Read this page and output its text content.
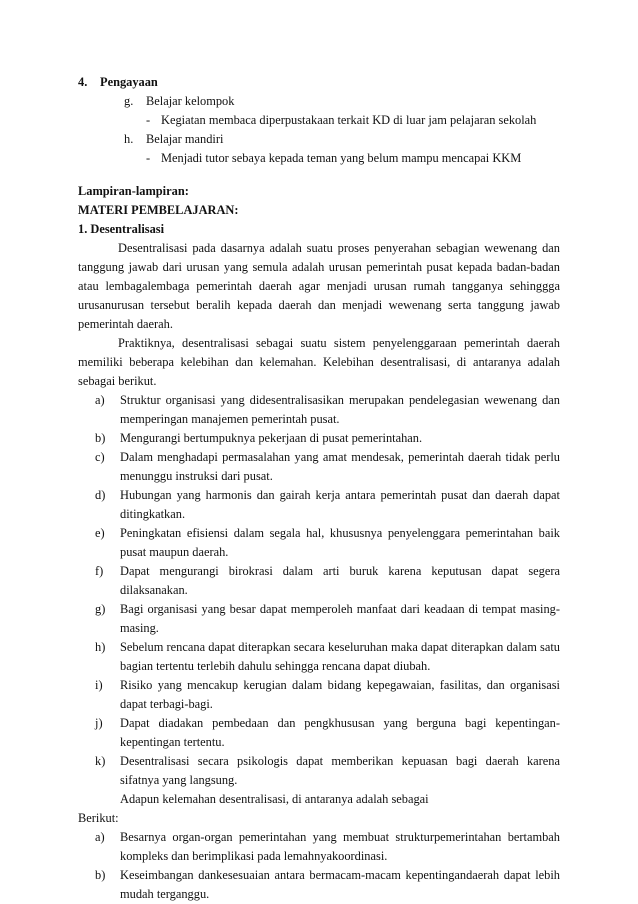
4. Pengayaan
g.	Belajar kelompok
- Kegiatan membaca diperpustakaan terkait KD di luar jam pelajaran sekolah
h.	Belajar mandiri
- Menjadi tutor sebaya kepada teman yang belum mampu mencapai KKM
Lampiran-lampiran:
MATERI PEMBELAJARAN:
1. Desentralisasi
Desentralisasi pada dasarnya adalah suatu proses penyerahan sebagian wewenang dan tanggung jawab dari urusan yang semula adalah urusan pemerintah pusat kepada badan-badan atau lembagalembaga pemerintah daerah agar menjadi urusan rumah tangganya sehinggga urusanurusan tersebut beralih kepada daerah dan menjadi wewenang serta tanggung jawab pemerintah daerah.
Praktiknya, desentralisasi sebagai suatu sistem penyelenggaraan pemerintah daerah memiliki beberapa kelebihan dan kelemahan. Kelebihan desentralisasi, di antaranya adalah sebagai berikut.
a)	Struktur organisasi yang didesentralisasikan merupakan pendelegasian wewenang dan memperingan manajemen pemerintah pusat.
b)	Mengurangi bertumpuknya pekerjaan di pusat pemerintahan.
c)	Dalam menghadapi permasalahan yang amat mendesak, pemerintah daerah tidak perlu menunggu instruksi dari pusat.
d)	Hubungan yang harmonis dan gairah kerja antara pemerintah pusat dan daerah dapat ditingkatkan.
e)	Peningkatan efisiensi dalam segala hal, khususnya penyelenggara pemerintahan baik pusat maupun daerah.
f)	Dapat mengurangi birokrasi dalam arti buruk karena keputusan dapat segera dilaksanakan.
g)	Bagi organisasi yang besar dapat memperoleh manfaat dari keadaan di tempat masing-masing.
h)	Sebelum rencana dapat diterapkan secara keseluruhan maka dapat diterapkan dalam satu bagian tertentu terlebih dahulu sehingga rencana dapat diubah.
i)	Risiko yang mencakup kerugian dalam bidang kepegawaian, fasilitas, dan organisasi dapat terbagi-bagi.
j)	Dapat diadakan pembedaan dan pengkhususan yang berguna bagi kepentingan-kepentingan tertentu.
k)	Desentralisasi secara psikologis dapat memberikan kepuasan bagi daerah karena sifatnya yang langsung.
Adapun kelemahan desentralisasi, di antaranya adalah sebagai
Berikut:
a)	Besarnya organ-organ pemerintahan yang membuat strukturpemerintahan bertambah kompleks dan berimplikasi pada lemahnyakoordinasi.
b)	Keseimbangan dankesesuaian antara bermacam-macam kepentingandaerah dapat lebih mudah terganggu.
